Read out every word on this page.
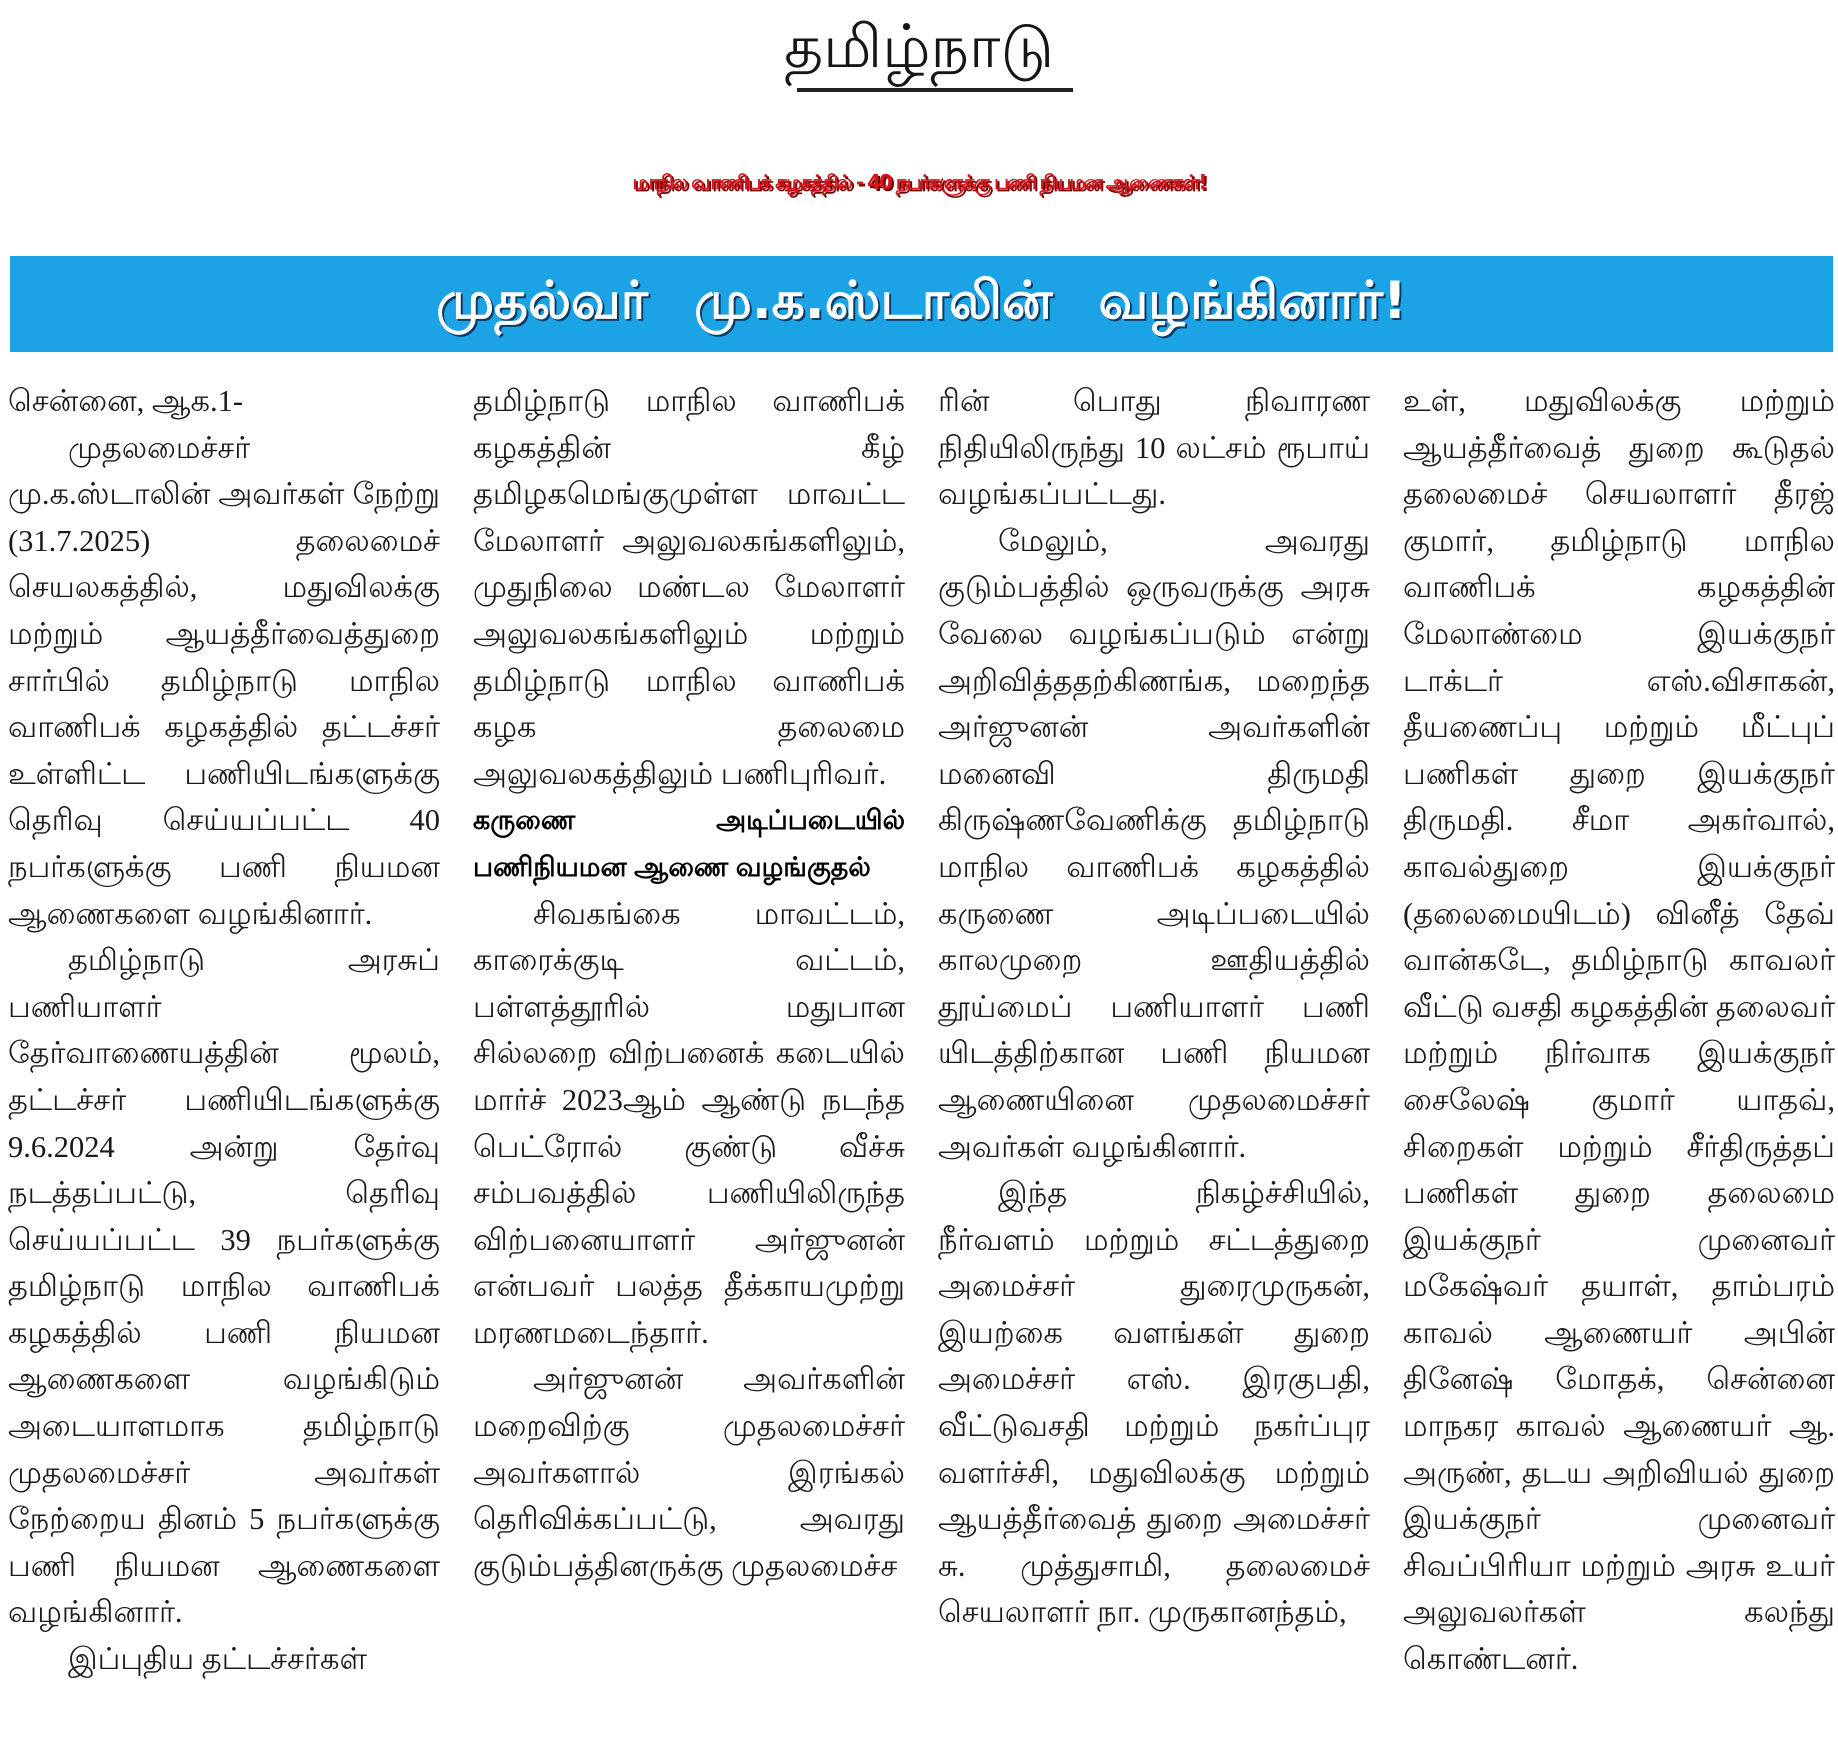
தமிழ்நாடு
மாநில வாணிபக் கழகத்தில் - 40 நபர்களுக்கு பணி நியமன ஆணைகள்!
முதல்வர் மு.க.ஸ்டாலின் வழங்கினார்!

சென்னை, ஆக.1-

முதலமைச்சர் மு.க.ஸ்டாலின் அவர்கள் நேற்று (31.7.2025) தலைமைச் செயலகத்தில், மதுவிலக்கு மற்றும் ஆயத்தீர்வைத்துறை சார்பில் தமிழ்நாடு மாநில வாணிபக் கழகத்தில் தட்டச்சர் உள்ளிட்ட பணியிடங்களுக்கு தெரிவு செய்யப்பட்ட 40 நபர்களுக்கு பணி நியமன ஆணைகளை வழங்கினார்.

தமிழ்நாடு அரசுப் பணியாளர் தேர்வாணையத்தின் மூலம், தட்டச்சர் பணியிடங்களுக்கு 9.6.2024 அன்று தேர்வு நடத்தப்பட்டு, தெரிவு செய்யப்பட்ட 39 நபர்களுக்கு தமிழ்நாடு மாநில வாணிபக் கழகத்தில் பணி நியமன ஆணைகளை வழங்கிடும் அடையாளமாக தமிழ்நாடு முதலமைச்சர் அவர்கள் நேற்றைய தினம் 5 நபர்களுக்கு பணி நியமன ஆணைகளை வழங்கினார்.

இப்புதிய தட்டச்சர்கள்

தமிழ்நாடு மாநில வாணிபக் கழகத்தின் கீழ் தமிழகமெங்குமுள்ள மாவட்ட மேலாளர் அலுவலகங்களிலும், முதுநிலை மண்டல மேலாளர் அலுவலகங்களிலும் மற்றும் தமிழ்நாடு மாநில வாணிபக் கழக தலைமை அலுவலகத்திலும் பணிபுரிவர்.

கருணை அடிப்படையில் பணிநியமன ஆணை வழங்குதல்

சிவகங்கை மாவட்டம், காரைக்குடி வட்டம், பள்ளத்தூரில் மதுபான சில்லறை விற்பனைக் கடையில் மார்ச் 2023ஆம் ஆண்டு நடந்த பெட்ரோல் குண்டு வீச்சு சம்பவத்தில் பணியிலிருந்த விற்பனையாளர் அர்ஜுனன் என்பவர் பலத்த தீக்காயமுற்று மரணமடைந்தார்.

அர்ஜுனன் அவர்களின் மறைவிற்கு முதலமைச்சர் அவர்களால் இரங்கல் தெரிவிக்கப்பட்டு, அவரது குடும்பத்தினருக்கு முதலமைச்ச

ரின் பொது நிவாரண நிதியிலிருந்து 10 லட்சம் ரூபாய் வழங்கப்பட்டது.

மேலும், அவரது குடும்பத்தில் ஒருவருக்கு அரசு வேலை வழங்கப்படும் என்று அறிவித்ததற்கிணங்க, மறைந்த அர்ஜுனன் அவர்களின் மனைவி திருமதி கிருஷ்ணவேணிக்கு தமிழ்நாடு மாநில வாணிபக் கழகத்தில் கருணை அடிப்படையில் காலமுறை ஊதியத்தில் தூய்மைப் பணியாளர் பணி யிடத்திற்கான பணி நியமன ஆணையினை முதலமைச்சர் அவர்கள் வழங்கினார்.

இந்த நிகழ்ச்சியில், நீர்வளம் மற்றும் சட்டத்துறை அமைச்சர் துரைமுருகன், இயற்கை வளங்கள் துறை அமைச்சர் எஸ். இரகுபதி, வீட்டுவசதி மற்றும் நகர்ப்புர வளர்ச்சி, மதுவிலக்கு மற்றும் ஆயத்தீர்வைத் துறை அமைச்சர் சு. முத்துசாமி, தலைமைச் செயலாளர் நா. முருகானந்தம்,

உள், மதுவிலக்கு மற்றும் ஆயத்தீர்வைத் துறை கூடுதல் தலைமைச் செயலாளர் தீரஜ் குமார், தமிழ்நாடு மாநில வாணிபக் கழகத்தின் மேலாண்மை இயக்குநர் டாக்டர் எஸ்.விசாகன், தீயணைப்பு மற்றும் மீட்புப் பணிகள் துறை இயக்குநர் திருமதி. சீமா அகர்வால், காவல்துறை இயக்குநர் (தலைமையிடம்) வினீத் தேவ் வான்கடே, தமிழ்நாடு காவலர் வீட்டு வசதி கழகத்தின் தலைவர் மற்றும் நிர்வாக இயக்குநர் சைலேஷ் குமார் யாதவ், சிறைகள் மற்றும் சீர்திருத்தப் பணிகள் துறை தலைமை இயக்குநர் முனைவர் மகேஷ்வர் தயாள், தாம்பரம் காவல் ஆணையர் அபின் தினேஷ் மோதக், சென்னை மாநகர காவல் ஆணையர் ஆ. அருண், தடய அறிவியல் துறை இயக்குநர் முனைவர் சிவப்பிரியா மற்றும் அரசு உயர் அலுவலர்கள் கலந்து கொண்டனர்.
